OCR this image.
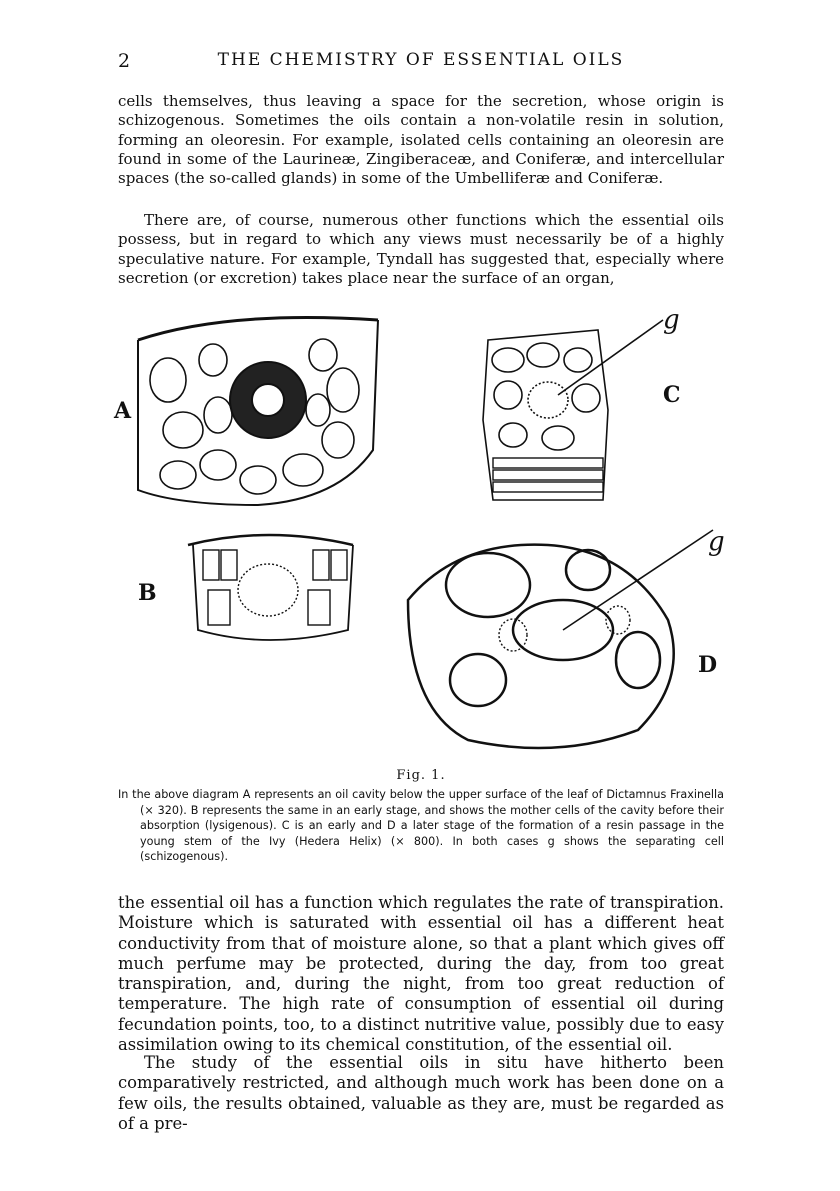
2	THE CHEMISTRY OF ESSENTIAL OILS

cells themselves, thus leaving a space for the secretion, whose origin is schizogenous. Sometimes the oils contain a non-volatile resin in solution, forming an oleoresin. For example, isolated cells containing an oleoresin are found in some of the Laurineæ, Zingiberaceæ, and Coniferæ, and intercellular spaces (the so-called glands) in some of the Umbelliferæ and Coniferæ.

There are, of course, numerous other functions which the essential oils possess, but in regard to which any views must necessarily be of a highly speculative nature. For example, Tyndall has suggested that, especially where secretion (or excretion) takes place near the surface of an organ,

A
g
C
B
g
D
Fig. 1.
In the above diagram A represents an oil cavity below the upper surface of the leaf of Dictamnus Fraxinella (× 320). B represents the same in an early stage, and shows the mother cells of the cavity before their absorption (lysigenous). C is an early and D a later stage of the formation of a resin passage in the young stem of the Ivy (Hedera Helix) (× 800). In both cases g shows the separating cell (schizogenous).

the essential oil has a function which regulates the rate of transpiration. Moisture which is saturated with essential oil has a different heat conductivity from that of moisture alone, so that a plant which gives off much perfume may be protected, during the day, from too great transpiration, and, during the night, from too great reduction of temperature. The high rate of consumption of essential oil during fecundation points, too, to a distinct nutritive value, possibly due to easy assimilation owing to its chemical constitution, of the essential oil.

The study of the essential oils in situ have hitherto been comparatively restricted, and although much work has been done on a few oils, the results obtained, valuable as they are, must be regarded as of a pre-
